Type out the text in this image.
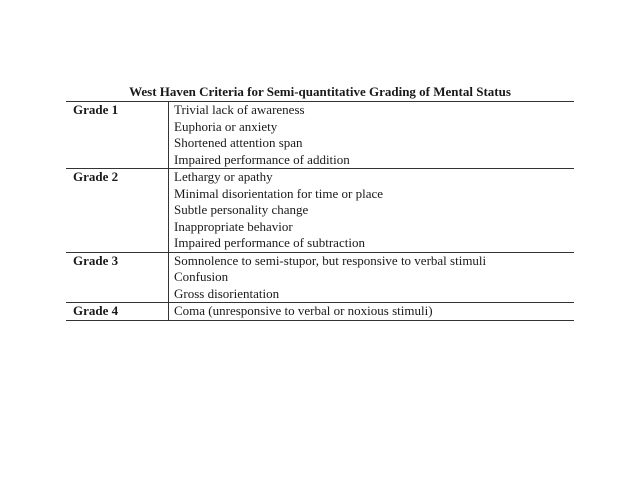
West Haven Criteria for Semi-quantitative Grading of Mental Status
Grade 1	Trivial lack of awareness
Euphoria or anxiety
Shortened attention span
Impaired performance of addition

Grade 2	Lethargy or apathy
Minimal disorientation for time or place
Subtle personality change
Inappropriate behavior
Impaired performance of subtraction

Grade 3	Somnolence to semi-stupor, but responsive to verbal stimuli
Confusion
Gross disorientation

Grade 4	Coma (unresponsive to verbal or noxious stimuli)
